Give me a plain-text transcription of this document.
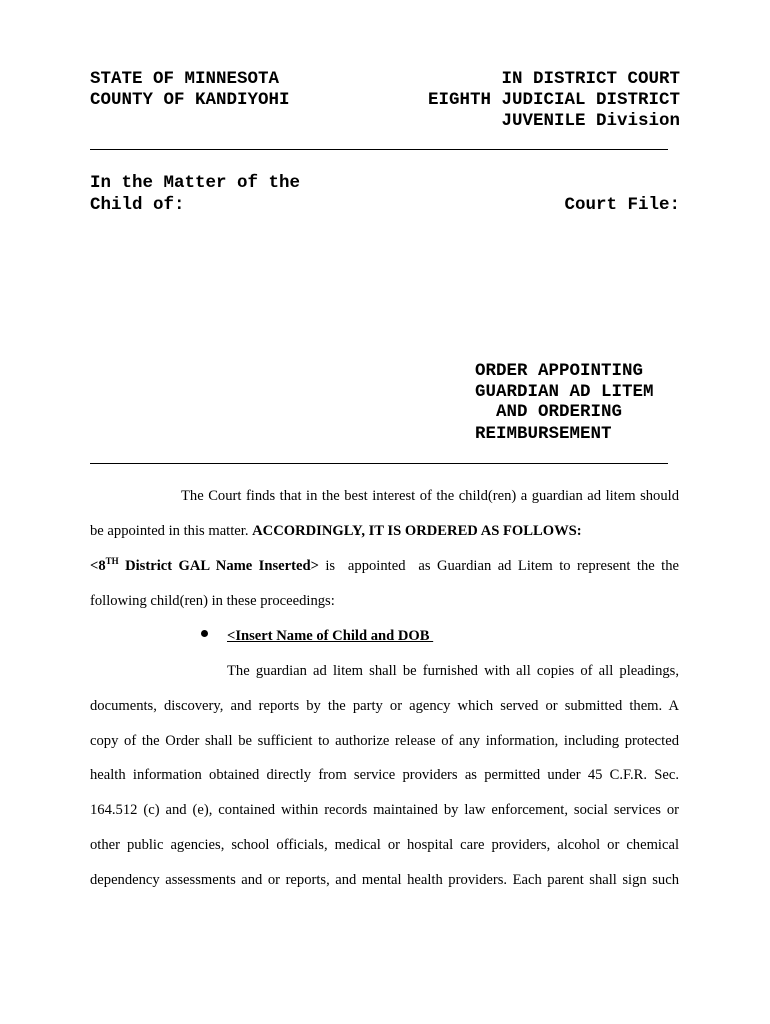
STATE OF MINNESOTA
COUNTY OF KANDIYOHI
IN DISTRICT COURT
EIGHTH JUDICIAL DISTRICT
JUVENILE Division
In the Matter of the
Child of:	Court File:
ORDER APPOINTING
GUARDIAN AD LITEM
AND ORDERING
REIMBURSEMENT
The Court finds that in the best interest of the child(ren) a guardian ad litem should
be appointed in this matter. ACCORDINGLY, IT IS ORDERED AS FOLLOWS:
<8TH District GAL Name Inserted> is  appointed  as Guardian ad Litem to represent the the
following child(ren) in these proceedings:
<Insert Name of Child and DOB
The guardian ad litem shall be furnished with all copies of all pleadings,
documents, discovery, and reports by the party or agency which served or submitted them. A
copy of the Order shall be sufficient to authorize release of any information, including protected
health information obtained directly from service providers as permitted under 45 C.F.R. Sec.
164.512 (c) and (e), contained within records maintained by law enforcement, social services or
other public agencies, school officials, medical or hospital care providers, alcohol or chemical
dependency assessments and or reports, and mental health providers. Each parent shall sign such
